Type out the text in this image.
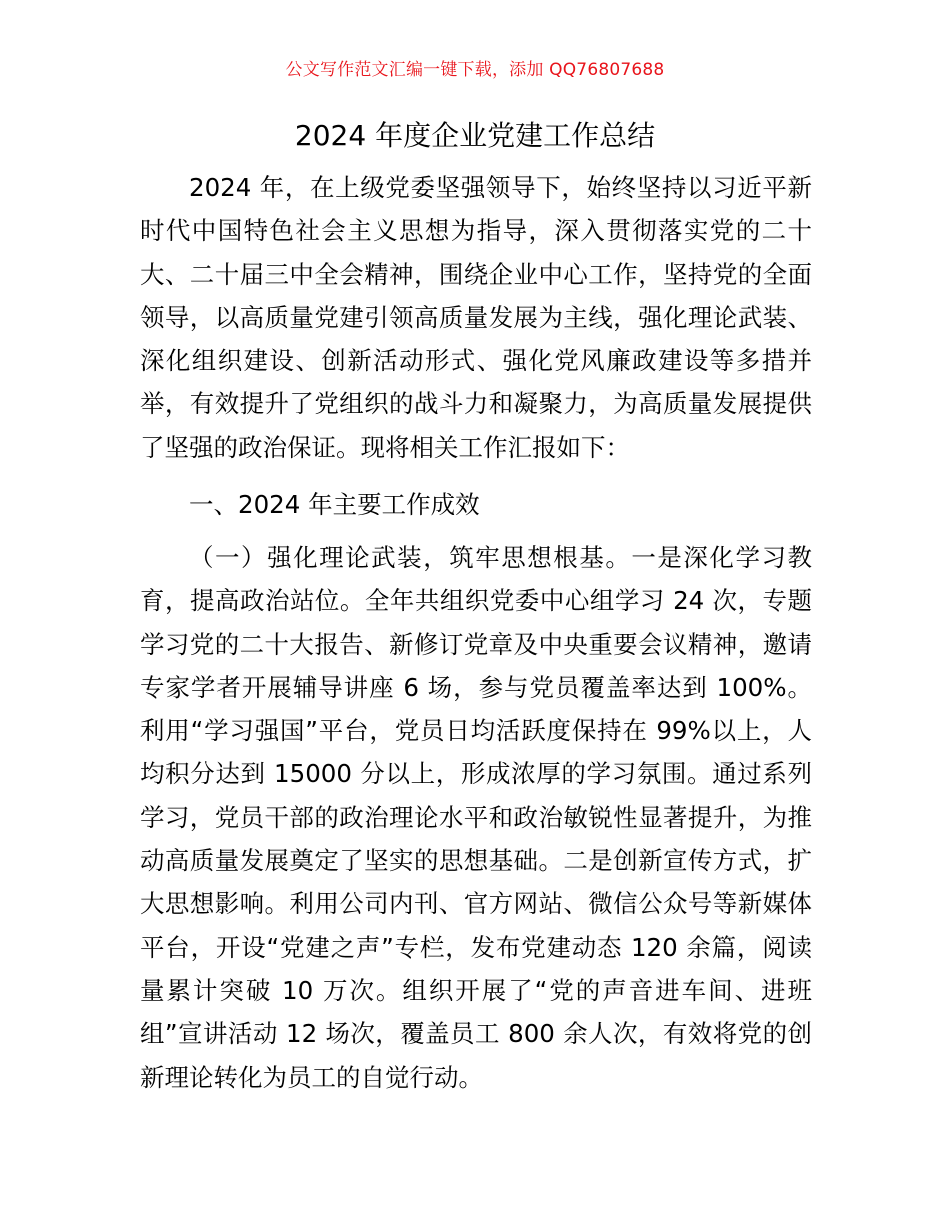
公文写作范文汇编一键下载，添加 QQ76807688
2024 年度企业党建工作总结

2024 年，在上级党委坚强领导下，始终坚持以习近平新时代中国特色社会主义思想为指导，深入贯彻落实党的二十大、二十届三中全会精神，围绕企业中心工作，坚持党的全面领导，以高质量党建引领高质量发展为主线，强化理论武装、深化组织建设、创新活动形式、强化党风廉政建设等多措并举，有效提升了党组织的战斗力和凝聚力，为高质量发展提供了坚强的政治保证。现将相关工作汇报如下：

一、2024 年主要工作成效

（一）强化理论武装，筑牢思想根基。一是深化学习教育，提高政治站位。全年共组织党委中心组学习 24 次，专题学习党的二十大报告、新修订党章及中央重要会议精神，邀请专家学者开展辅导讲座 6 场，参与党员覆盖率达到 100%。利用“学习强国”平台，党员日均活跃度保持在 99%以上，人均积分达到 15000 分以上，形成浓厚的学习氛围。通过系列学习，党员干部的政治理论水平和政治敏锐性显著提升，为推动高质量发展奠定了坚实的思想基础。二是创新宣传方式，扩大思想影响。利用公司内刊、官方网站、微信公众号等新媒体平台，开设“党建之声”专栏，发布党建动态 120 余篇，阅读量累计突破 10 万次。组织开展了“党的声音进车间、进班组”宣讲活动 12 场次，覆盖员工 800 余人次，有效将党的创新理论转化为员工的自觉行动。
